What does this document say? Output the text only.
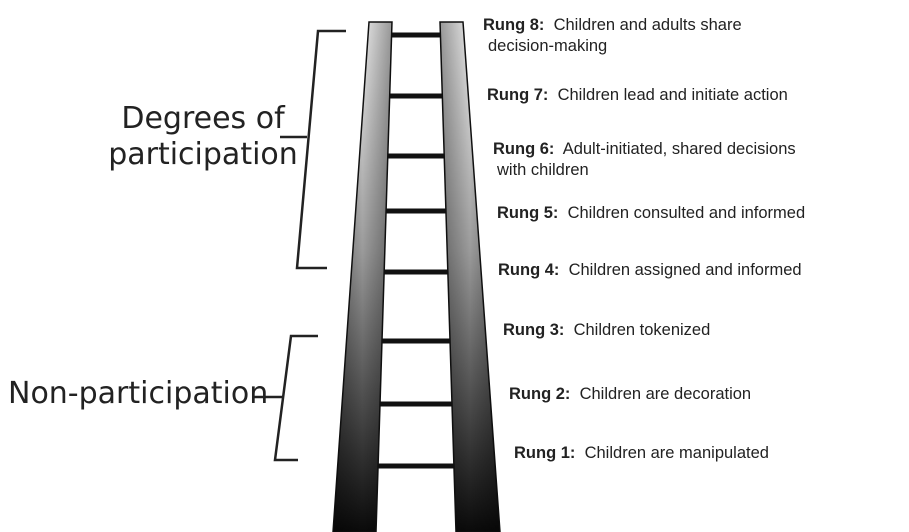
Degrees of
participation
Non-participation
Rung 8: Children and adults share
decision-making
Rung 7: Children lead and initiate action
Rung 6: Adult-initiated, shared decisions
with children
Rung 5: Children consulted and informed
Rung 4: Children assigned and informed
Rung 3: Children tokenized
Rung 2: Children are decoration
Rung 1: Children are manipulated
